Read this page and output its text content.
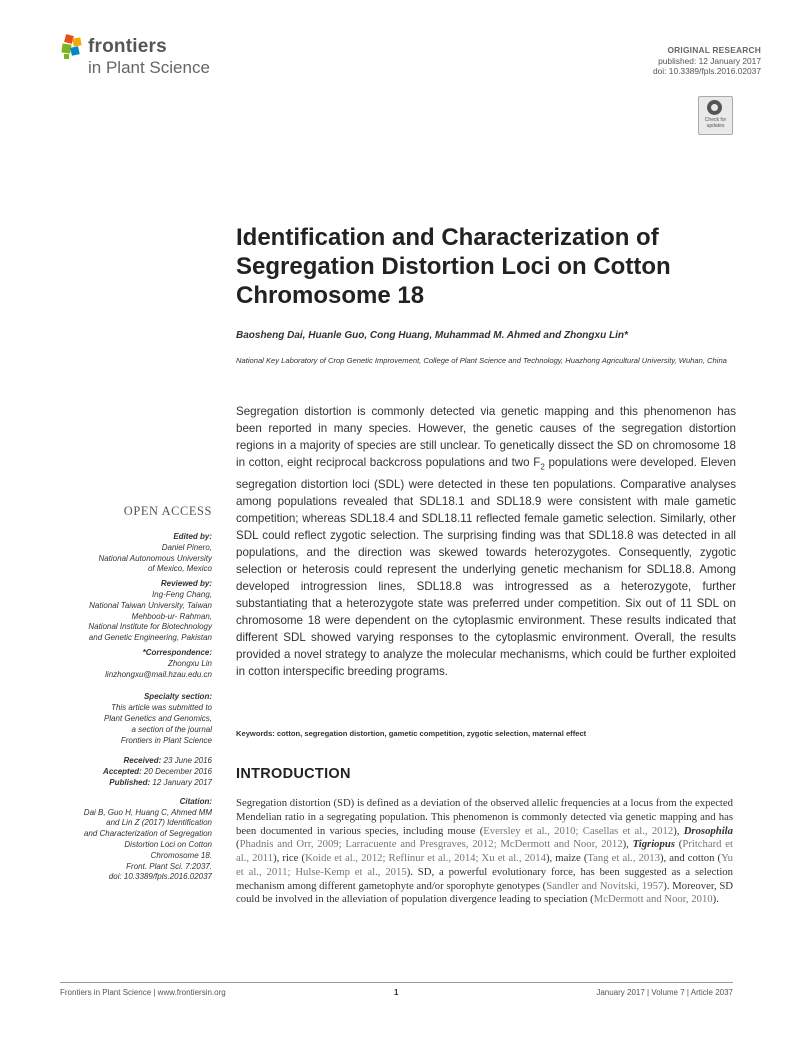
frontiers
in Plant Science
ORIGINAL RESEARCH
published: 12 January 2017
doi: 10.3389/fpls.2016.02037
Check for updates
Identification and Characterization of Segregation Distortion Loci on Cotton Chromosome 18
Baosheng Dai, Huanle Guo, Cong Huang, Muhammad M. Ahmed and Zhongxu Lin*
National Key Laboratory of Crop Genetic Improvement, College of Plant Science and Technology, Huazhong Agricultural University, Wuhan, China
Segregation distortion is commonly detected via genetic mapping and this phenomenon has been reported in many species. However, the genetic causes of the segregation distortion regions in a majority of species are still unclear. To genetically dissect the SD on chromosome 18 in cotton, eight reciprocal backcross populations and two $F_2$ populations were developed. Eleven segregation distortion loci (SDL) were detected in these ten populations. Comparative analyses among populations revealed that SDL18.1 and SDL18.9 were consistent with male gametic competition; whereas SDL18.4 and SDL18.11 reflected female gametic selection. Similarly, other SDL could reflect zygotic selection. The surprising finding was that SDL18.8 was detected in all populations, and the direction was skewed towards heterozygotes. Consequently, zygotic selection or heterosis could represent the underlying genetic mechanism for SDL18.8. Among developed introgression lines, SDL18.8 was introgressed as a heterozygote, further substantiating that a heterozygote state was preferred under competition. Six out of 11 SDL on chromosome 18 were dependent on the cytoplasmic environment. These results indicated that different SDL showed varying responses to the cytoplasmic environment. Overall, the results provided a novel strategy to analyze the molecular mechanisms, which could be further exploited in cotton interspecific breeding programs.
Keywords: cotton, segregation distortion, gametic competition, zygotic selection, maternal effect
INTRODUCTION
Segregation distortion (SD) is defined as a deviation of the observed allelic frequencies at a locus from the expected Mendelian ratio in a segregating population. This phenomenon is commonly detected via genetic mapping and has been documented in various species, including mouse (Eversley et al., 2010; Casellas et al., 2012), Drosophila (Phadnis and Orr, 2009; Larracuente and Presgraves, 2012; McDermott and Noor, 2012), Tigriopus (Pritchard et al., 2011), rice (Koide et al., 2012; Reflinur et al., 2014; Xu et al., 2014), maize (Tang et al., 2013), and cotton (Yu et al., 2011; Hulse-Kemp et al., 2015). SD, a powerful evolutionary force, has been suggested as a selection mechanism among different gametophyte and/or sporophyte genotypes (Sandler and Novitski, 1957). Moreover, SD could be involved in the alleviation of population divergence leading to speciation (McDermott and Noor, 2010).
OPEN ACCESS
Edited by:
Daniel Pinero,
National Autonomous University
of Mexico, Mexico
Reviewed by:
Ing-Feng Chang,
National Taiwan University, Taiwan
Mehboob-ur- Rahman,
National Institute for Biotechnology
and Genetic Engineering, Pakistan
*Correspondence:
Zhongxu Lin
linzhongxu@mail.hzau.edu.cn
Specialty section:
This article was submitted to
Plant Genetics and Genomics,
a section of the journal
Frontiers in Plant Science
Received: 23 June 2016
Accepted: 20 December 2016
Published: 12 January 2017
Citation:
Dai B, Guo H, Huang C, Ahmed MM
and Lin Z (2017) Identification
and Characterization of Segregation
Distortion Loci on Cotton
Chromosome 18.
Front. Plant Sci. 7:2037.
doi: 10.3389/fpls.2016.02037
Frontiers in Plant Science | www.frontiersin.org	1	January 2017 | Volume 7 | Article 2037
